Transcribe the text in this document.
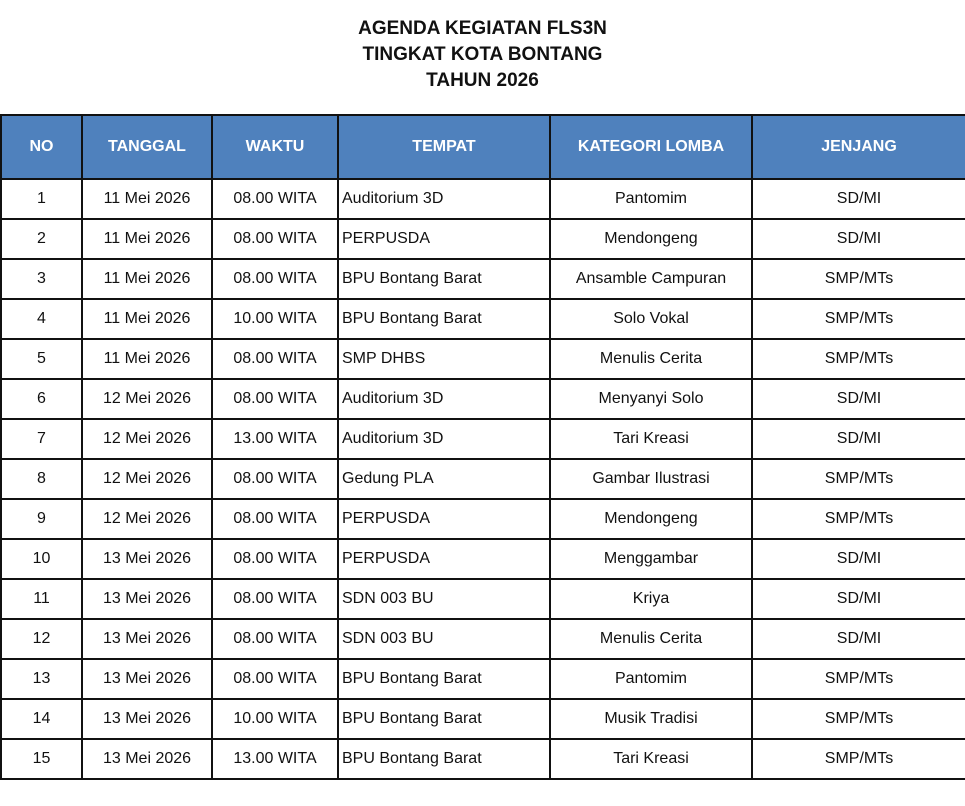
AGENDA KEGIATAN FLS3N
TINGKAT KOTA BONTANG
TAHUN 2026
NO	TANGGAL	WAKTU	TEMPAT	KATEGORI LOMBA	JENJANG
1	11 Mei 2026	08.00 WITA	Auditorium 3D	Pantomim	SD/MI
2	11 Mei 2026	08.00 WITA	PERPUSDA	Mendongeng	SD/MI
3	11 Mei 2026	08.00 WITA	BPU Bontang Barat	Ansamble Campuran	SMP/MTs
4	11 Mei 2026	10.00 WITA	BPU Bontang Barat	Solo Vokal	SMP/MTs
5	11 Mei 2026	08.00 WITA	SMP DHBS	Menulis Cerita	SMP/MTs
6	12 Mei 2026	08.00 WITA	Auditorium 3D	Menyanyi Solo	SD/MI
7	12 Mei 2026	13.00 WITA	Auditorium 3D	Tari Kreasi	SD/MI
8	12 Mei 2026	08.00 WITA	Gedung PLA	Gambar Ilustrasi	SMP/MTs
9	12 Mei 2026	08.00 WITA	PERPUSDA	Mendongeng	SMP/MTs
10	13 Mei 2026	08.00 WITA	PERPUSDA	Menggambar	SD/MI
11	13 Mei 2026	08.00 WITA	SDN 003 BU	Kriya	SD/MI
12	13 Mei 2026	08.00 WITA	SDN 003 BU	Menulis Cerita	SD/MI
13	13 Mei 2026	08.00 WITA	BPU Bontang Barat	Pantomim	SMP/MTs
14	13 Mei 2026	10.00 WITA	BPU Bontang Barat	Musik Tradisi	SMP/MTs
15	13 Mei 2026	13.00 WITA	BPU Bontang Barat	Tari Kreasi	SMP/MTs
